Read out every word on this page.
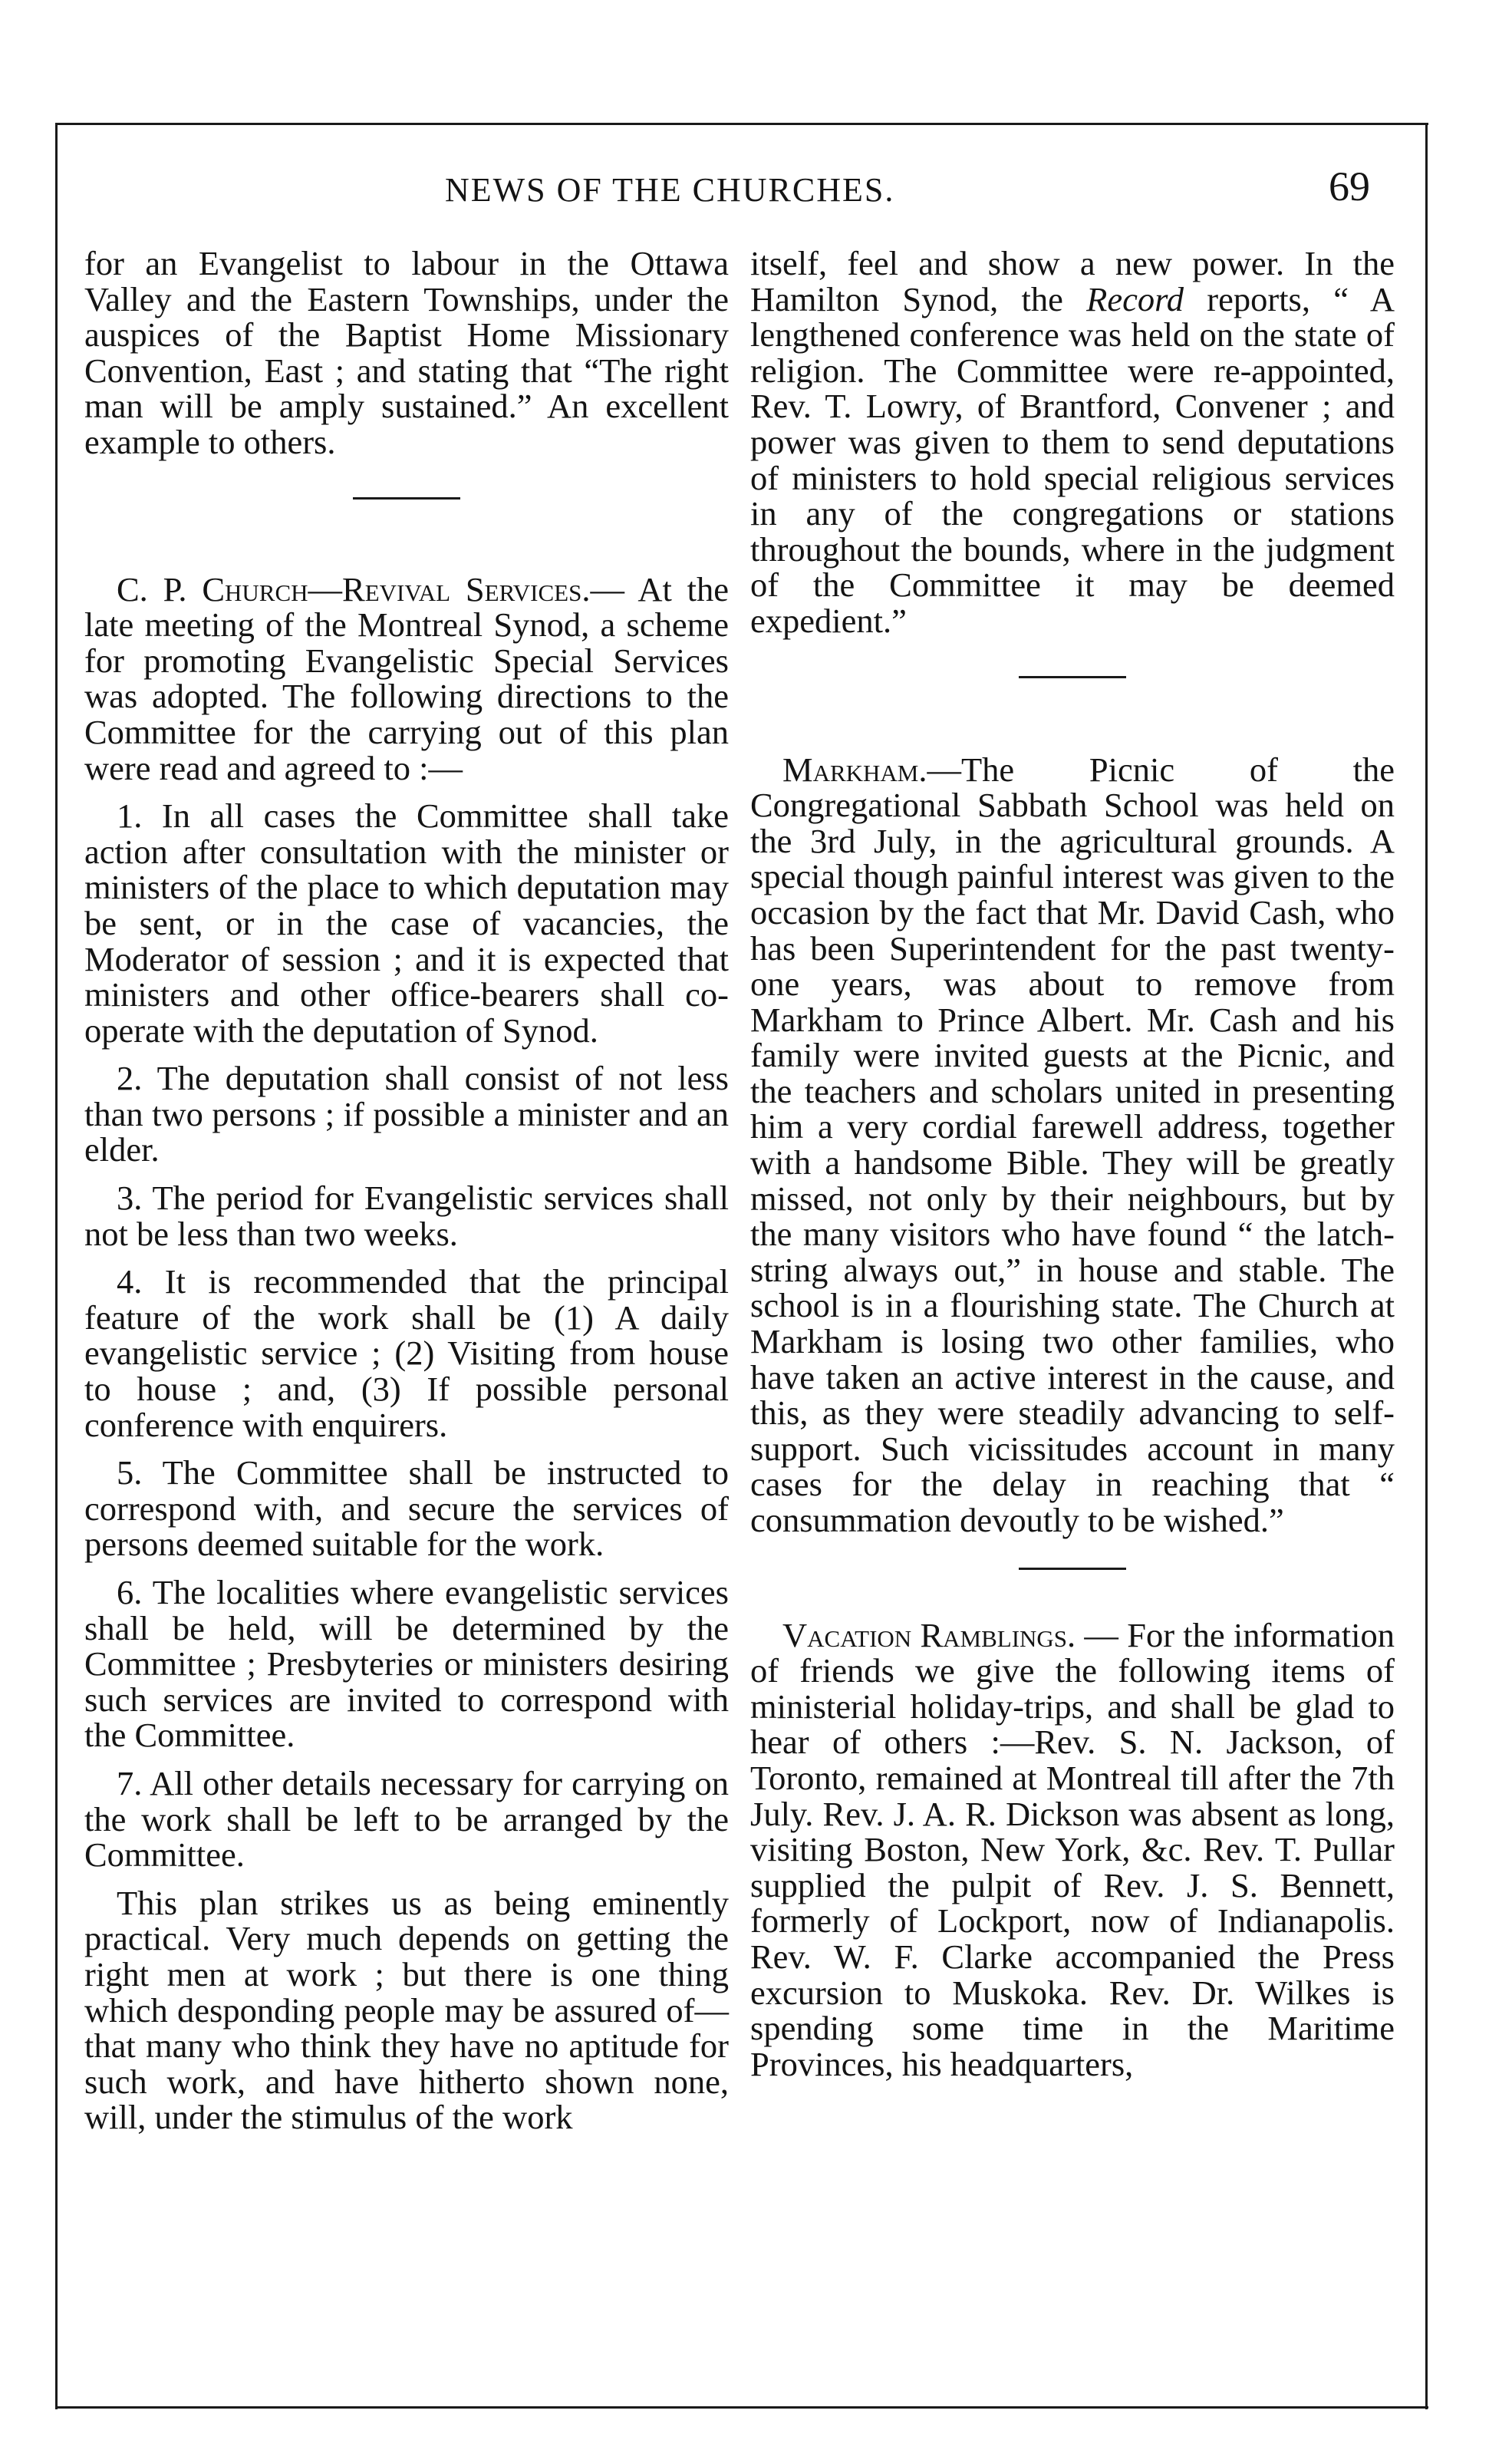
NEWS OF THE CHURCHES.	69

for an Evangelist to labour in the Ottawa Valley and the Eastern Townships, under the auspices of the Baptist Home Missionary Convention, East ; and stating that “The right man will be amply sustained.” An excellent example to others.

C. P. Church—Revival Services.— At the late meeting of the Montreal Synod, a scheme for promoting Evangelistic Special Services was adopted. The following directions to the Committee for the carrying out of this plan were read and agreed to :—

1. In all cases the Committee shall take action after consultation with the minister or ministers of the place to which deputation may be sent, or in the case of vacancies, the Moderator of session ; and it is expected that ministers and other office-bearers shall co-operate with the deputation of Synod.

2. The deputation shall consist of not less than two persons ; if possible a minister and an elder.

3. The period for Evangelistic services shall not be less than two weeks.

4. It is recommended that the principal feature of the work shall be (1) A daily evangelistic service ; (2) Visiting from house to house ; and, (3) If possible personal conference with enquirers.

5. The Committee shall be instructed to correspond with, and secure the services of persons deemed suitable for the work.

6. The localities where evangelistic services shall be held, will be determined by the Committee ; Presbyteries or ministers desiring such services are invited to correspond with the Committee.

7. All other details necessary for carrying on the work shall be left to be arranged by the Committee.

This plan strikes us as being eminently practical. Very much depends on getting the right men at work ; but there is one thing which desponding people may be assured of—that many who think they have no aptitude for such work, and have hitherto shown none, will, under the stimulus of the work

itself, feel and show a new power. In the Hamilton Synod, the Record reports, “ A lengthened conference was held on the state of religion. The Committee were re-appointed, Rev. T. Lowry, of Brantford, Convener ; and power was given to them to send deputations of ministers to hold special religious services in any of the congregations or stations throughout the bounds, where in the judgment of the Committee it may be deemed expedient.”

Markham.—The Picnic of the Congregational Sabbath School was held on the 3rd July, in the agricultural grounds. A special though painful interest was given to the occasion by the fact that Mr. David Cash, who has been Superintendent for the past twenty-one years, was about to remove from Markham to Prince Albert. Mr. Cash and his family were invited guests at the Picnic, and the teachers and scholars united in presenting him a very cordial farewell address, together with a handsome Bible. They will be greatly missed, not only by their neighbours, but by the many visitors who have found “ the latch-string always out,” in house and stable. The school is in a flourishing state. The Church at Markham is losing two other families, who have taken an active interest in the cause, and this, as they were steadily advancing to self-support. Such vicissitudes account in many cases for the delay in reaching that “ consummation devoutly to be wished.”

Vacation Ramblings. — For the information of friends we give the following items of ministerial holiday-trips, and shall be glad to hear of others :—Rev. S. N. Jackson, of Toronto, remained at Montreal till after the 7th July. Rev. J. A. R. Dickson was absent as long, visiting Boston, New York, &c. Rev. T. Pullar supplied the pulpit of Rev. J. S. Bennett, formerly of Lockport, now of Indianapolis. Rev. W. F. Clarke accompanied the Press excursion to Muskoka. Rev. Dr. Wilkes is spending some time in the Maritime Provinces, his headquarters,
